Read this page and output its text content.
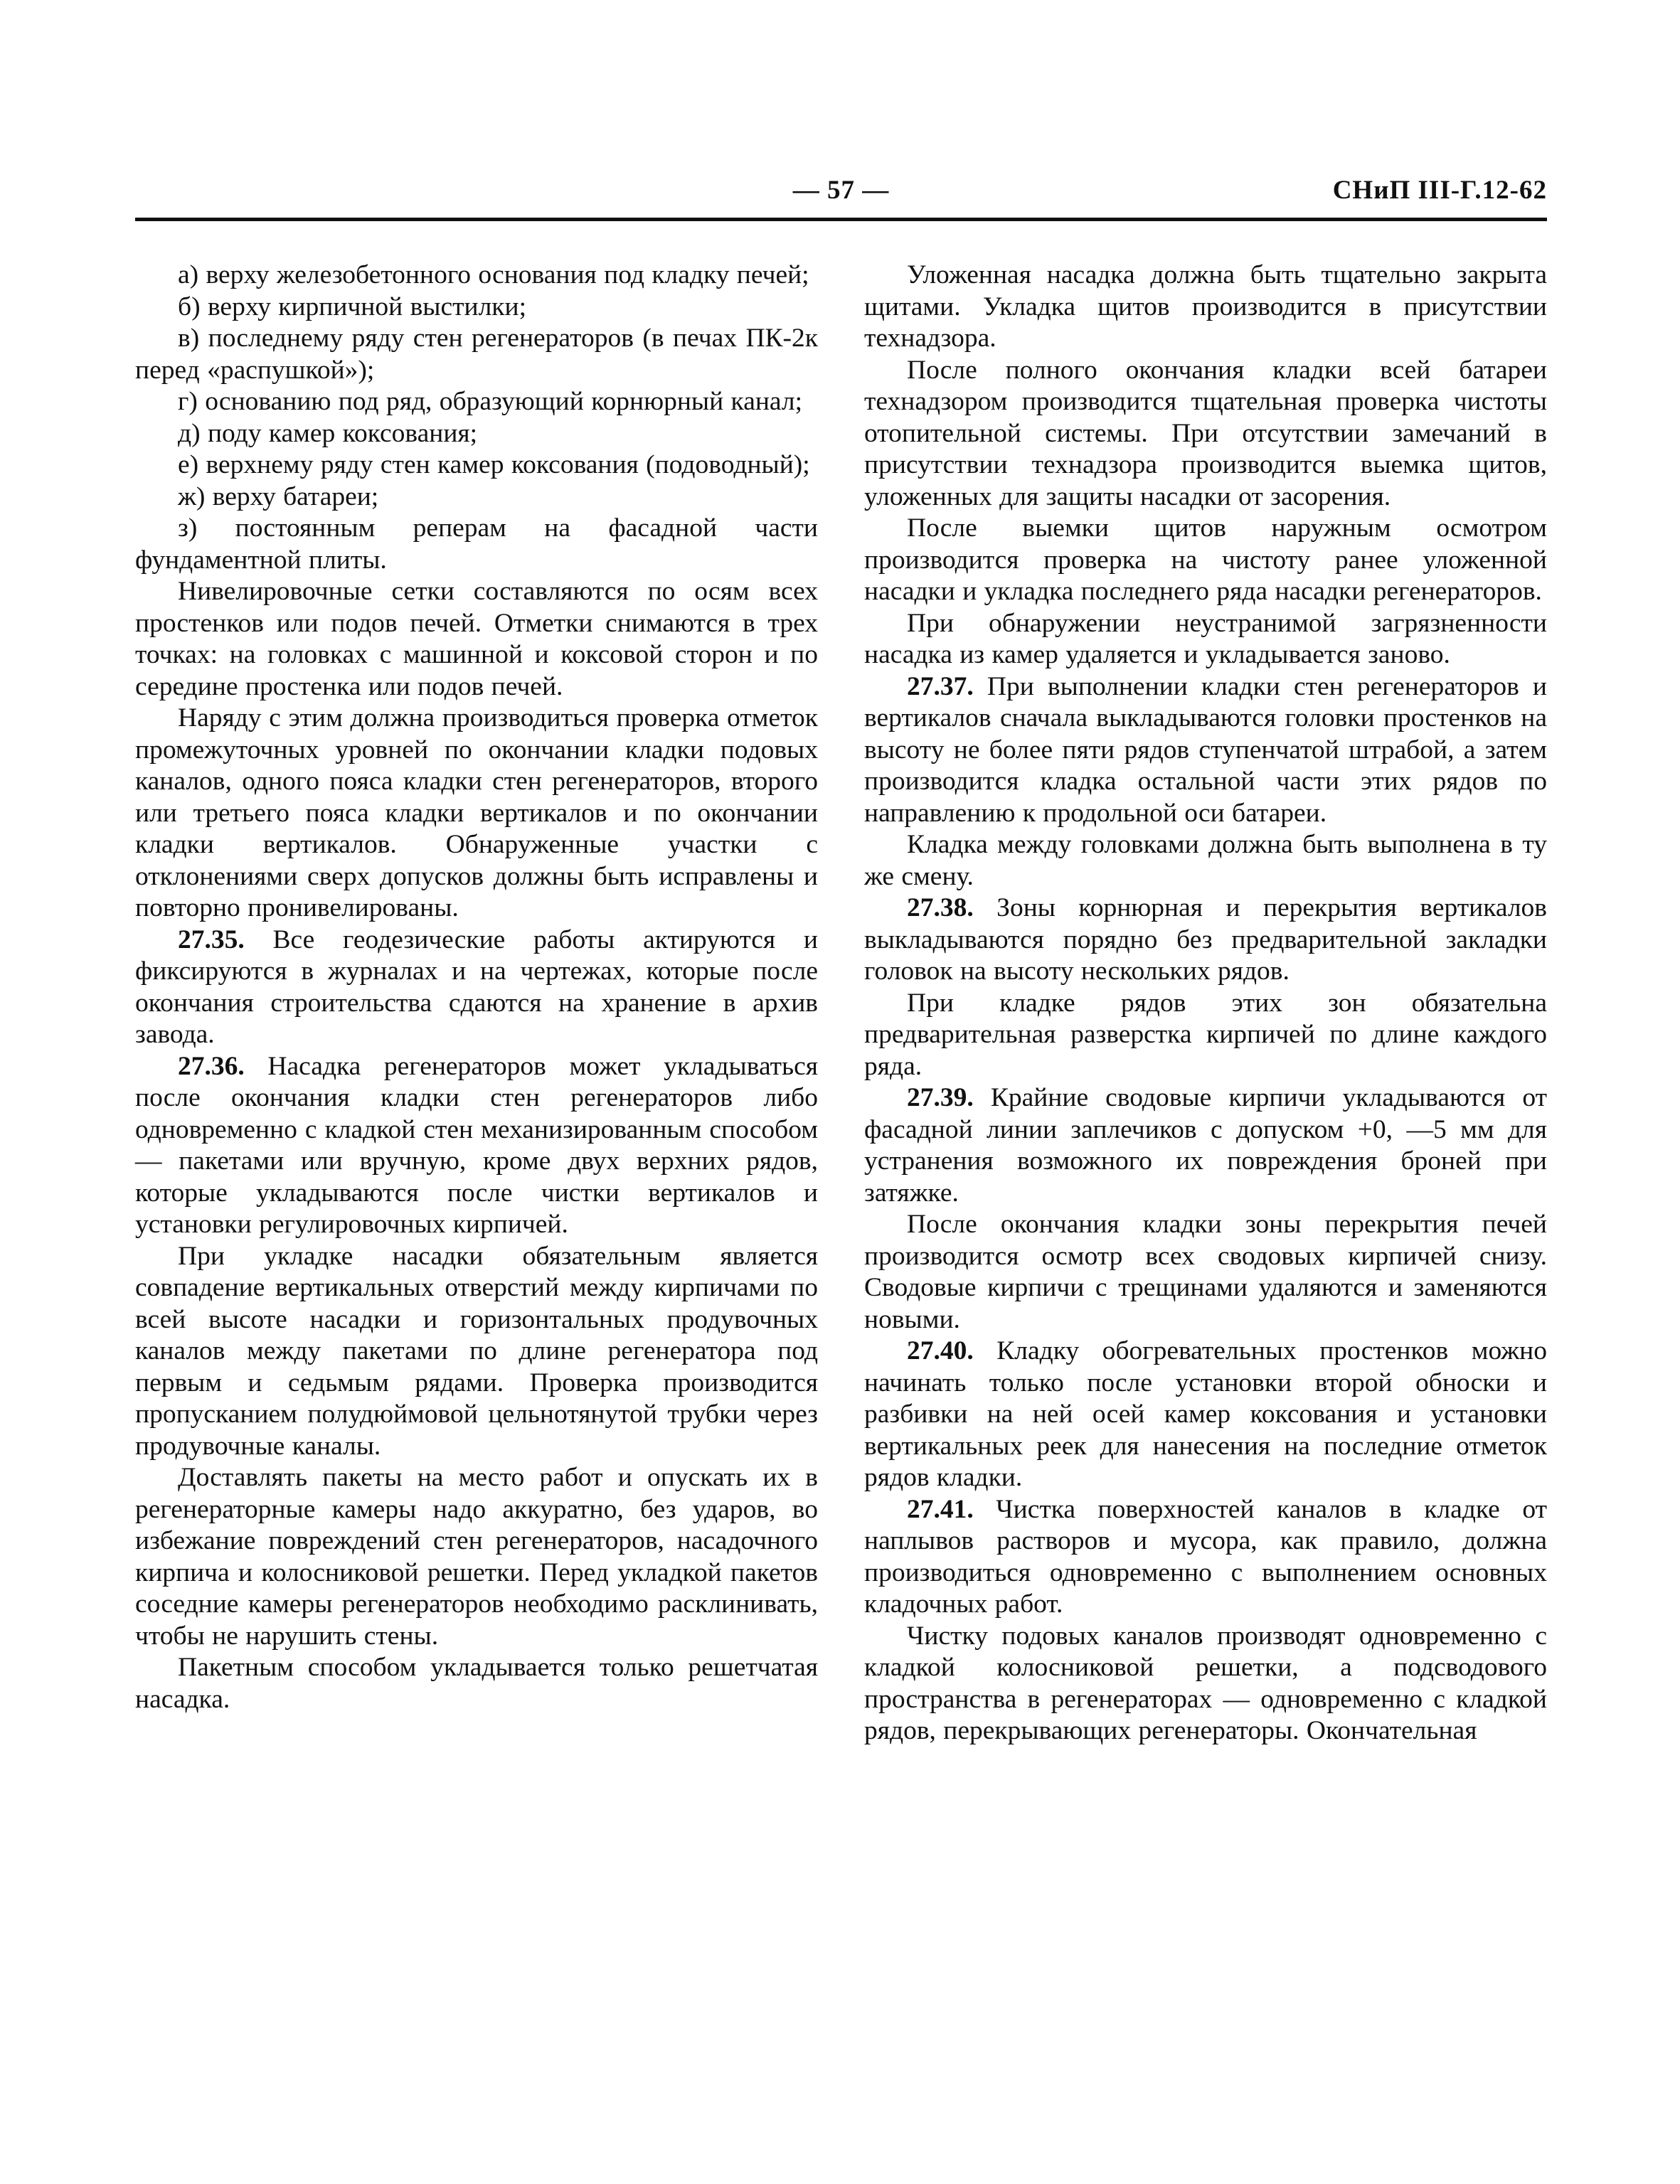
— 57 —	СНиП III-Г.12-62

а) верху железобетонного основания под кладку печей;

б) верху кирпичной выстилки;

в) последнему ряду стен регенераторов (в печах ПК-2к перед «распушкой»);

г) основанию под ряд, образующий корнюрный канал;

д) поду камер коксования;

е) верхнему ряду стен камер коксования (подоводный);

ж) верху батареи;

з) постоянным реперам на фасадной части фундаментной плиты.

Нивелировочные сетки составляются по осям всех простенков или подов печей. Отметки снимаются в трех точках: на головках с машинной и коксовой сторон и по середине простенка или подов печей.

Наряду с этим должна производиться проверка отметок промежуточных уровней по окончании кладки подовых каналов, одного пояса кладки стен регенераторов, второго или третьего пояса кладки вертикалов и по окончании кладки вертикалов. Обнаруженные участки с отклонениями сверх допусков должны быть исправлены и повторно пронивелированы.

27.35. Все геодезические работы актируются и фиксируются в журналах и на чертежах, которые после окончания строительства сдаются на хранение в архив завода.

27.36. Насадка регенераторов может укладываться после окончания кладки стен регенераторов либо одновременно с кладкой стен механизированным способом — пакетами или вручную, кроме двух верхних рядов, которые укладываются после чистки вертикалов и установки регулировочных кирпичей.

При укладке насадки обязательным является совпадение вертикальных отверстий между кирпичами по всей высоте насадки и горизонтальных продувочных каналов между пакетами по длине регенератора под первым и седьмым рядами. Проверка производится пропусканием полудюймовой цельнотянутой трубки через продувочные каналы.

Доставлять пакеты на место работ и опускать их в регенераторные камеры надо аккуратно, без ударов, во избежание повреждений стен регенераторов, насадочного кирпича и колосниковой решетки. Перед укладкой пакетов соседние камеры регенераторов необходимо расклинивать, чтобы не нарушить стены.

Пакетным способом укладывается только решетчатая насадка.

Уложенная насадка должна быть тщательно закрыта щитами. Укладка щитов производится в присутствии технадзора.

После полного окончания кладки всей батареи технадзором производится тщательная проверка чистоты отопительной системы. При отсутствии замечаний в присутствии технадзора производится выемка щитов, уложенных для защиты насадки от засорения.

После выемки щитов наружным осмотром производится проверка на чистоту ранее уложенной насадки и укладка последнего ряда насадки регенераторов.

При обнаружении неустранимой загрязненности насадка из камер удаляется и укладывается заново.

27.37. При выполнении кладки стен регенераторов и вертикалов сначала выкладываются головки простенков на высоту не более пяти рядов ступенчатой штрабой, а затем производится кладка остальной части этих рядов по направлению к продольной оси батареи.

Кладка между головками должна быть выполнена в ту же смену.

27.38. Зоны корнюрная и перекрытия вертикалов выкладываются порядно без предварительной закладки головок на высоту нескольких рядов.

При кладке рядов этих зон обязательна предварительная разверстка кирпичей по длине каждого ряда.

27.39. Крайние сводовые кирпичи укладываются от фасадной линии заплечиков с допуском +0, —5 мм для устранения возможного их повреждения броней при затяжке.

После окончания кладки зоны перекрытия печей производится осмотр всех сводовых кирпичей снизу. Сводовые кирпичи с трещинами удаляются и заменяются новыми.

27.40. Кладку обогревательных простенков можно начинать только после установки второй обноски и разбивки на ней осей камер коксования и установки вертикальных реек для нанесения на последние отметок рядов кладки.

27.41. Чистка поверхностей каналов в кладке от наплывов растворов и мусора, как правило, должна производиться одновременно с выполнением основных кладочных работ.

Чистку подовых каналов производят одновременно с кладкой колосниковой решетки, а подсводового пространства в регенераторах — одновременно с кладкой рядов, перекрывающих регенераторы. Окончательная
